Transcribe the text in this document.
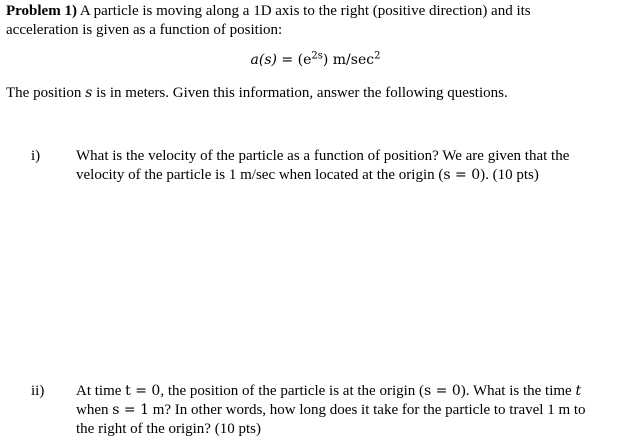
Problem 1) A particle is moving along a 1D axis to the right (positive direction) and its
acceleration is given as a function of position:
$a(s) = (e^{2s})$ $m/\sec^2$
The position s is in meters. Given this information, answer the following questions.
i) What is the velocity of the particle as a function of position? We are given that the
velocity of the particle is 1 m/sec when located at the origin (s = 0). (10 pts)
ii) At time t = 0, the position of the particle is at the origin (s = 0). What is the time t
when s = 1 m? In other words, how long does it take for the particle to travel 1 m to
the right of the origin? (10 pts)
